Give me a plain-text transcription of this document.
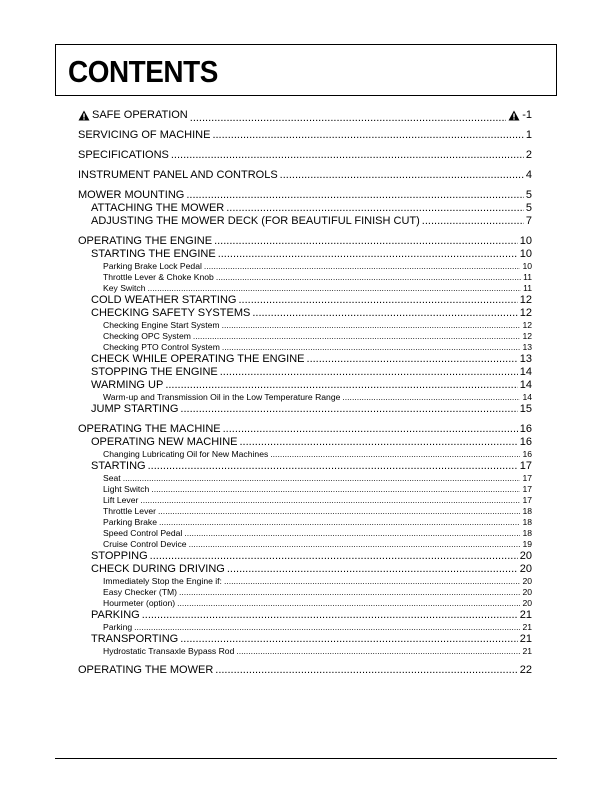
CONTENTS
SAFE OPERATION .....	-1
SERVICING OF MACHINE .....	1
SPECIFICATIONS .....	2
INSTRUMENT PANEL AND CONTROLS .....	4
MOWER MOUNTING .....	5
ATTACHING THE MOWER .....	5
ADJUSTING THE MOWER DECK (FOR BEAUTIFUL FINISH CUT) .....	7
OPERATING THE ENGINE .....	10
STARTING THE ENGINE .....	10
Parking Brake Lock Pedal .....	10
Throttle Lever & Choke Knob .....	11
Key Switch .....	11
COLD WEATHER STARTING .....	12
CHECKING SAFETY SYSTEMS .....	12
Checking Engine Start System .....	12
Checking OPC System .....	12
Checking PTO Control System .....	13
CHECK WHILE OPERATING THE ENGINE .....	13
STOPPING THE ENGINE .....	14
WARMING UP .....	14
Warm-up and Transmission Oil in the Low Temperature Range .....	14
JUMP STARTING .....	15
OPERATING THE MACHINE .....	16
OPERATING NEW MACHINE .....	16
Changing Lubricating Oil for New Machines .....	16
STARTING .....	17
Seat .....	17
Light Switch .....	17
Lift Lever .....	17
Throttle Lever .....	18
Parking Brake .....	18
Speed Control Pedal .....	18
Cruise Control Device .....	19
STOPPING .....	20
CHECK DURING DRIVING .....	20
Immediately Stop the Engine if: .....	20
Easy Checker (TM) .....	20
Hourmeter (option) .....	20
PARKING .....	21
Parking .....	21
TRANSPORTING .....	21
Hydrostatic Transaxle Bypass Rod .....	21
OPERATING THE MOWER .....	22
